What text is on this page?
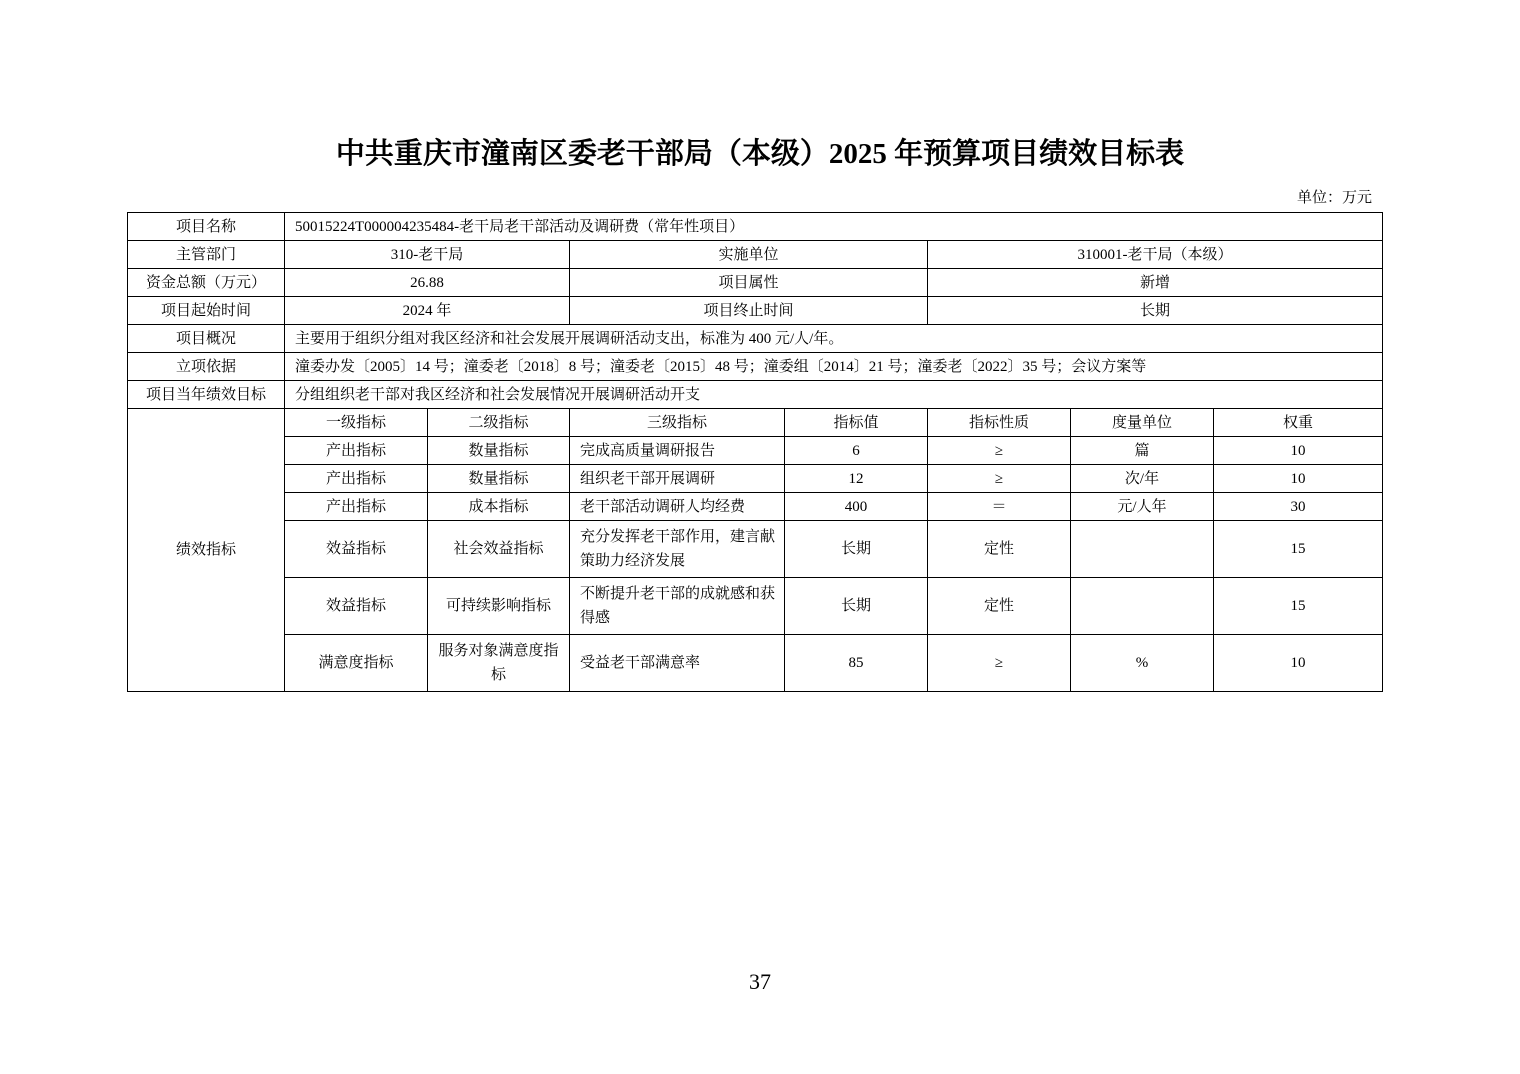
中共重庆市潼南区委老干部局（本级）2025 年预算项目绩效目标表
单位：万元
项目名称	50015224T000004235484-老干局老干部活动及调研费（常年性项目）						
主管部门	310-老干局		实施单位		310001-老干局（本级）		
资金总额（万元）	26.88		项目属性		新增		
项目起始时间	2024 年		项目终止时间		长期		
项目概况	主要用于组织分组对我区经济和社会发展开展调研活动支出，标准为 400 元/人/年。						
立项依据	潼委办发〔2005〕14 号；潼委老〔2018〕8 号；潼委老〔2015〕48 号；潼委组〔2014〕21 号；潼委老〔2022〕35 号；会议方案等						
项目当年绩效目标	分组组织老干部对我区经济和社会发展情况开展调研活动开支						
绩效指标	一级指标	二级指标	三级指标	指标值	指标性质	度量单位	权重
	产出指标	数量指标	完成高质量调研报告	6	≥	篇	10
	产出指标	数量指标	组织老干部开展调研	12	≥	次/年	10
	产出指标	成本指标	老干部活动调研人均经费	400	＝	元/人年	30
	效益指标	社会效益指标	充分发挥老干部作用，建言献策助力经济发展	长期	定性		15
	效益指标	可持续影响指标	不断提升老干部的成就感和获得感	长期	定性		15
	满意度指标	服务对象满意度指标	受益老干部满意率	85	≥	%	10
37
